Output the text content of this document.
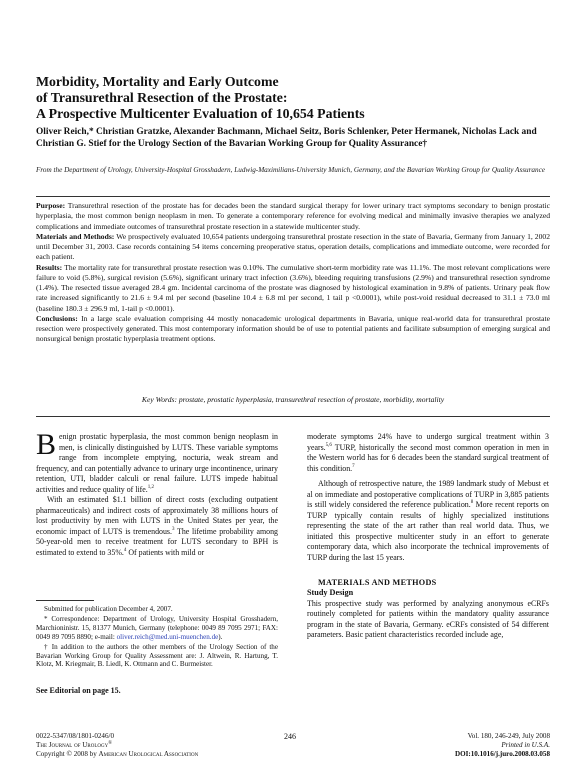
Morbidity, Mortality and Early Outcome
of Transurethral Resection of the Prostate:
A Prospective Multicenter Evaluation of 10,654 Patients
Oliver Reich,* Christian Gratzke, Alexander Bachmann, Michael Seitz, Boris Schlenker, Peter Hermanek, Nicholas Lack and Christian G. Stief for the Urology Section of the Bavarian Working Group for Quality Assurance†
From the Department of Urology, University-Hospital Grosshadern, Ludwig-Maximilians-University Munich, Germany, and the Bavarian Working Group for Quality Assurance

Purpose: Transurethral resection of the prostate has for decades been the standard surgical therapy for lower urinary tract symptoms secondary to benign prostatic hyperplasia, the most common benign neoplasm in men. To generate a contemporary reference for evolving medical and minimally invasive therapies we analyzed complications and immediate outcomes of transurethral prostate resection in a statewide multicenter study.

Materials and Methods: We prospectively evaluated 10,654 patients undergoing transurethral prostate resection in the state of Bavaria, Germany from January 1, 2002 until December 31, 2003. Case records containing 54 items concerning preoperative status, operation details, complications and immediate outcome, were recorded for each patient.

Results: The mortality rate for transurethral prostate resection was 0.10%. The cumulative short-term morbidity rate was 11.1%. The most relevant complications were failure to void (5.8%), surgical revision (5.6%), significant urinary tract infection (3.6%), bleeding requiring transfusions (2.9%) and transurethral resection syndrome (1.4%). The resected tissue averaged 28.4 gm. Incidental carcinoma of the prostate was diagnosed by histological examination in 9.8% of patients. Urinary peak flow rate increased significantly to 21.6 ± 9.4 ml per second (baseline 10.4 ± 6.8 ml per second, 1 tail p <0.0001), while post-void residual decreased to 31.1 ± 73.0 ml (baseline 180.3 ± 296.9 ml, 1-tail p <0.0001).

Conclusions: In a large scale evaluation comprising 44 mostly nonacademic urological departments in Bavaria, unique real-world data for transurethral prostate resection were prospectively generated. This most contemporary information should be of use to potential patients and facilitate subsumption of emerging surgical and nonsurgical benign prostatic hyperplasia treatment options.

Key Words: prostate, prostatic hyperplasia, transurethral resection of prostate, morbidity, mortality

Benign prostatic hyperplasia, the most common benign neoplasm in men, is clinically distinguished by LUTS. These variable symptoms range from incomplete emptying, nocturia, weak stream and frequency, and can potentially advance to urinary urge incontinence, urinary retention, UTI, bladder calculi or renal failure. LUTS impede habitual activities and reduce quality of life.$^{1,2}$

With an estimated $1.1 billion of direct costs (excluding outpatient pharmaceuticals) and indirect costs of approximately 38 millions hours of lost productivity by men with LUTS in the United States per year, the economic impact of LUTS is tremendous.$^3$ The lifetime probability among 50-year-old men to receive treatment for LUTS secondary to BPH is estimated to extend to 35%.$^4$ Of patients with mild or

Submitted for publication December 4, 2007.

* Correspondence: Department of Urology, University Hospital Grosshadern, Marchioninistr. 15, 81377 Munich, Germany (telephone: 0049 89 7095 2971; FAX: 0049 89 7095 8890; e-mail: oliver.reich@med.uni-muenchen.de).

† In addition to the authors the other members of the Urology Section of the Bavarian Working Group for Quality Assessment are: J. Altwein, R. Hartung, T. Klotz, M. Kriegmair, B. Liedl, K. Ottmann and C. Burmeister.

See Editorial on page 15.

moderate symptoms 24% have to undergo surgical treatment within 3 years.$^{5,6}$ TURP, historically the second most common operation in men in the Western world has for 6 decades been the standard surgical treatment of this condition.$^7$

Although of retrospective nature, the 1989 landmark study of Mebust et al on immediate and postoperative complications of TURP in 3,885 patients is still widely considered the reference publication.$^8$ More recent reports on TURP typically contain results of highly specialized institutions representing the state of the art rather than real world data. Thus, we initiated this prospective multicenter study in an effort to generate contemporary data, which also incorporate the technical improvements of TURP during the last 15 years.

MATERIALS AND METHODS

Study Design

This prospective study was performed by analyzing anonymous eCRFs routinely completed for patients within the mandatory quality assurance program in the state of Bavaria, Germany. eCRFs consisted of 54 different parameters. Basic patient characteristics recorded include age,

0022-5347/08/1801-0246/0
The Journal of Urology®
Copyright © 2008 by American Urological Association
246	Vol. 180, 246-249, July 2008
Printed in U.S.A.
DOI:10.1016/j.juro.2008.03.058
